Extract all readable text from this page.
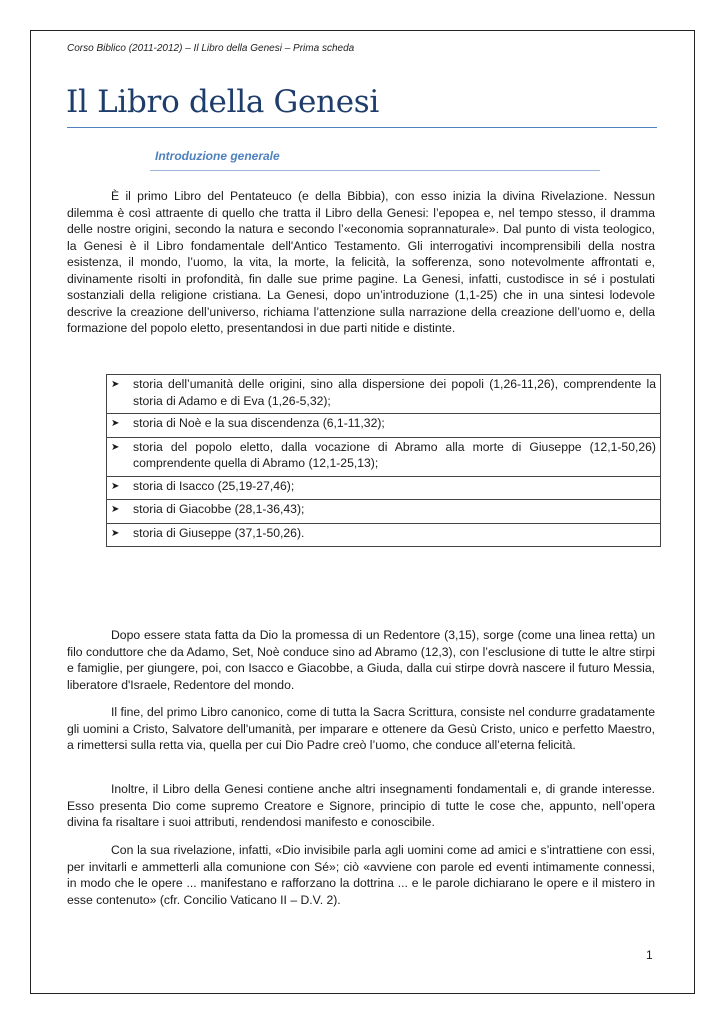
Corso Biblico (2011-2012) – Il Libro della Genesi – Prima scheda
Il Libro della Genesi
Introduzione generale

È il primo Libro del Pentateuco (e della Bibbia), con esso inizia la divina Rivelazione. Nessun dilemma è così attraente di quello che tratta il Libro della Genesi: l’epopea e, nel tempo stesso, il dramma delle nostre origini, secondo la natura e secondo l’«economia soprannaturale». Dal punto di vista teologico, la Genesi è il Libro fondamentale dell'Antico Testamento. Gli interrogativi incomprensibili della nostra esistenza, il mondo, l’uomo, la vita, la morte, la felicità, la sofferenza, sono notevolmente affrontati e, divinamente risolti in profondità, fin dalle sue prime pagine. La Genesi, infatti, custodisce in sé i postulati sostanziali della religione cristiana. La Genesi, dopo un’introduzione (1,1-25) che in una sintesi lodevole descrive la creazione dell’universo, richiama l’attenzione sulla narrazione della creazione dell’uomo e, della formazione del popolo eletto, presentandosi in due parti nitide e distinte.

➤	storia dell’umanità delle origini, sino alla dispersione dei popoli (1,26-11,26), comprendente la storia di Adamo e di Eva (1,26-5,32);

➤	storia di Noè e la sua discendenza (6,1-11,32);

➤	storia del popolo eletto, dalla vocazione di Abramo alla morte di Giuseppe (12,1-50,26) comprendente quella di Abramo (12,1-25,13);

➤	storia di Isacco (25,19-27,46);

➤	storia di Giacobbe (28,1-36,43);

➤	storia di Giuseppe (37,1-50,26).

Dopo essere stata fatta da Dio la promessa di un Redentore (3,15), sorge (come una linea retta) un filo conduttore che da Adamo, Set, Noè conduce sino ad Abramo (12,3), con l’esclusione di tutte le altre stirpi e famiglie, per giungere, poi, con Isacco e Giacobbe, a Giuda, dalla cui stirpe dovrà nascere il futuro Messia, liberatore d'Israele, Redentore del mondo.

Il fine, del primo Libro canonico, come di tutta la Sacra Scrittura, consiste nel condurre gradatamente gli uomini a Cristo, Salvatore dell'umanità, per imparare e ottenere da Gesù Cristo, unico e perfetto Maestro, a rimettersi sulla retta via, quella per cui Dio Padre creò l’uomo, che conduce all’eterna felicità.

Inoltre, il Libro della Genesi contiene anche altri insegnamenti fondamentali e, di grande interesse. Esso presenta Dio come supremo Creatore e Signore, principio di tutte le cose che, appunto, nell’opera divina fa risaltare i suoi attributi, rendendosi manifesto e conoscibile.

Con la sua rivelazione, infatti, «Dio invisibile parla agli uomini come ad amici e s’intrattiene con essi, per invitarli e ammetterli alla comunione con Sé»; ciò «avviene con parole ed eventi intimamente connessi, in modo che le opere ... manifestano e rafforzano la dottrina ... e le parole dichiarano le opere e il mistero in esse contenuto» (cfr. Concilio Vaticano II – D.V. 2).

1
